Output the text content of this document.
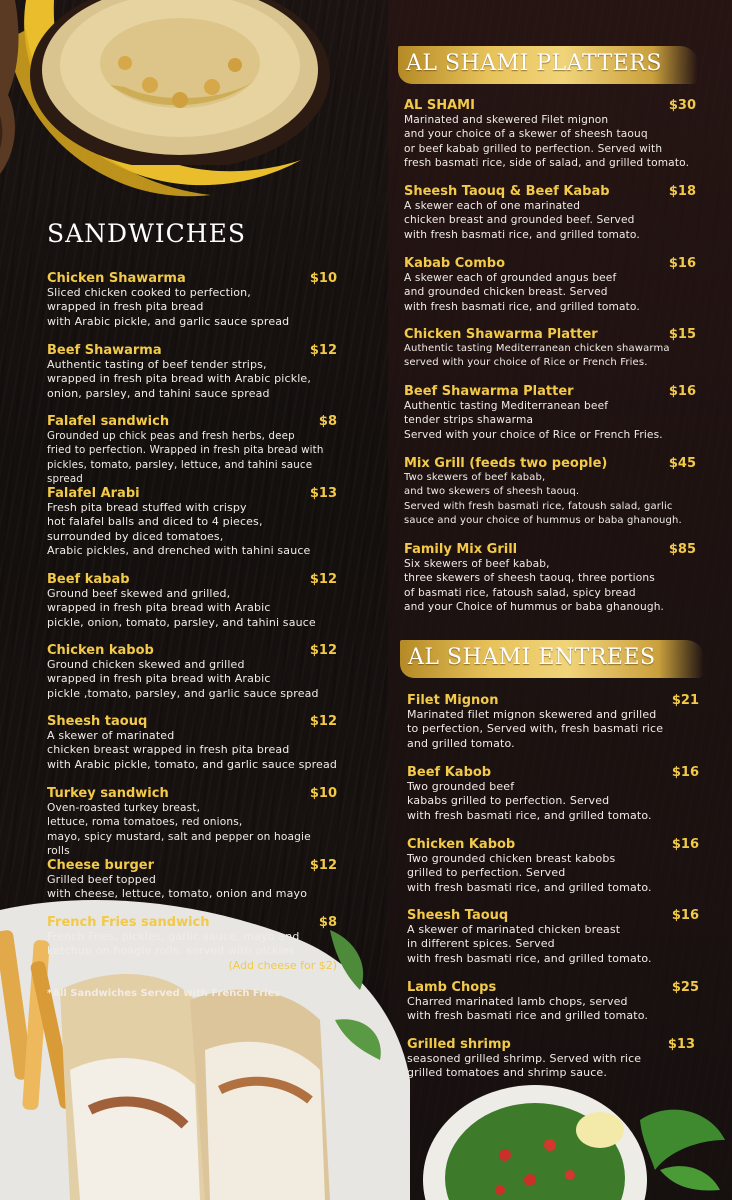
SANDWICHES
Chicken Shawarma	$10

Sliced chicken cooked to perfection,
wrapped in fresh pita bread
with Arabic pickle, and garlic sauce spread

Beef Shawarma	$12

Authentic tasting of beef tender strips,
wrapped in fresh pita bread with Arabic pickle,
onion, parsley, and tahini sauce spread

Falafel sandwich	$8

Grounded up chick peas and fresh herbs, deep
fried to perfection. Wrapped in fresh pita bread with
pickles, tomato, parsley, lettuce, and tahini sauce spread

Falafel Arabi	$13

Fresh pita bread stuffed with crispy
hot falafel balls and diced to 4 pieces,
surrounded by diced tomatoes,
Arabic pickles, and drenched with tahini sauce

Beef kabab	$12

Ground beef skewed and grilled,
wrapped in fresh pita bread with Arabic
pickle, onion, tomato, parsley, and tahini sauce

Chicken kabob	$12

Ground chicken skewed and grilled
wrapped in fresh pita bread with Arabic
pickle ,tomato, parsley, and garlic sauce spread

Sheesh taouq	$12

A skewer of marinated
chicken breast wrapped in fresh pita bread
with Arabic pickle, tomato, and garlic sauce spread

Turkey sandwich	$10

Oven-roasted turkey breast,
lettuce, roma tomatoes, red onions,
mayo, spicy mustard, salt and pepper on hoagie rolls

Cheese burger	$12

Grilled beef topped
with cheese, lettuce, tomato, onion and mayo

French Fries sandwich	$8

French Fries, pickles, garlic sauce, mayo and
ketchup on hoagie rolls, served with pickles.

(Add cheese for $2)

*All Sandwiches Served with French Fries

AL SHAMI PLATTERS
AL SHAMI	$30

Marinated and skewered Filet mignon
and your choice of a skewer of sheesh taouq
or beef kabab grilled to perfection. Served with
fresh basmati rice, side of salad, and grilled tomato.

Sheesh Taouq & Beef Kabab	$18

A skewer each of one marinated
chicken breast and grounded beef. Served
with fresh basmati rice, and grilled tomato.

Kabab Combo	$16

A skewer each of grounded angus beef
and grounded chicken breast. Served
with fresh basmati rice, and grilled tomato.

Chicken Shawarma Platter	$15

Authentic tasting Mediterranean chicken shawarma
served with your choice of Rice or French Fries.

Beef Shawarma Platter	$16

Authentic tasting Mediterranean beef
tender strips shawarma
Served with your choice of Rice or French Fries.

Mix Grill (feeds two people)	$45

Two skewers of beef kabab,
and two skewers of sheesh taouq.
Served with fresh basmati rice, fatoush salad, garlic
sauce and your choice of hummus or baba ghanough.

Family Mix Grill	$85

Six skewers of beef kabab,
three skewers of sheesh taouq, three portions
of basmati rice, fatoush salad, spicy bread
and your Choice of hummus or baba ghanough.

AL SHAMI ENTREES
Filet Mignon	$21

Marinated filet mignon skewered and grilled
to perfection, Served with, fresh basmati rice
and grilled tomato.

Beef Kabob	$16

Two grounded beef
kababs grilled to perfection. Served
with fresh basmati rice, and grilled tomato.

Chicken Kabob	$16

Two grounded chicken breast kabobs
grilled to perfection. Served
with fresh basmati rice, and grilled tomato.

Sheesh Taouq	$16

A skewer of marinated chicken breast
in different spices. Served
with fresh basmati rice, and grilled tomato.

Lamb Chops	$25

Charred marinated lamb chops, served
with fresh basmati rice and grilled tomato.

Grilled shrimp	$13

seasoned grilled shrimp. Served with rice
grilled tomatoes and shrimp sauce.
